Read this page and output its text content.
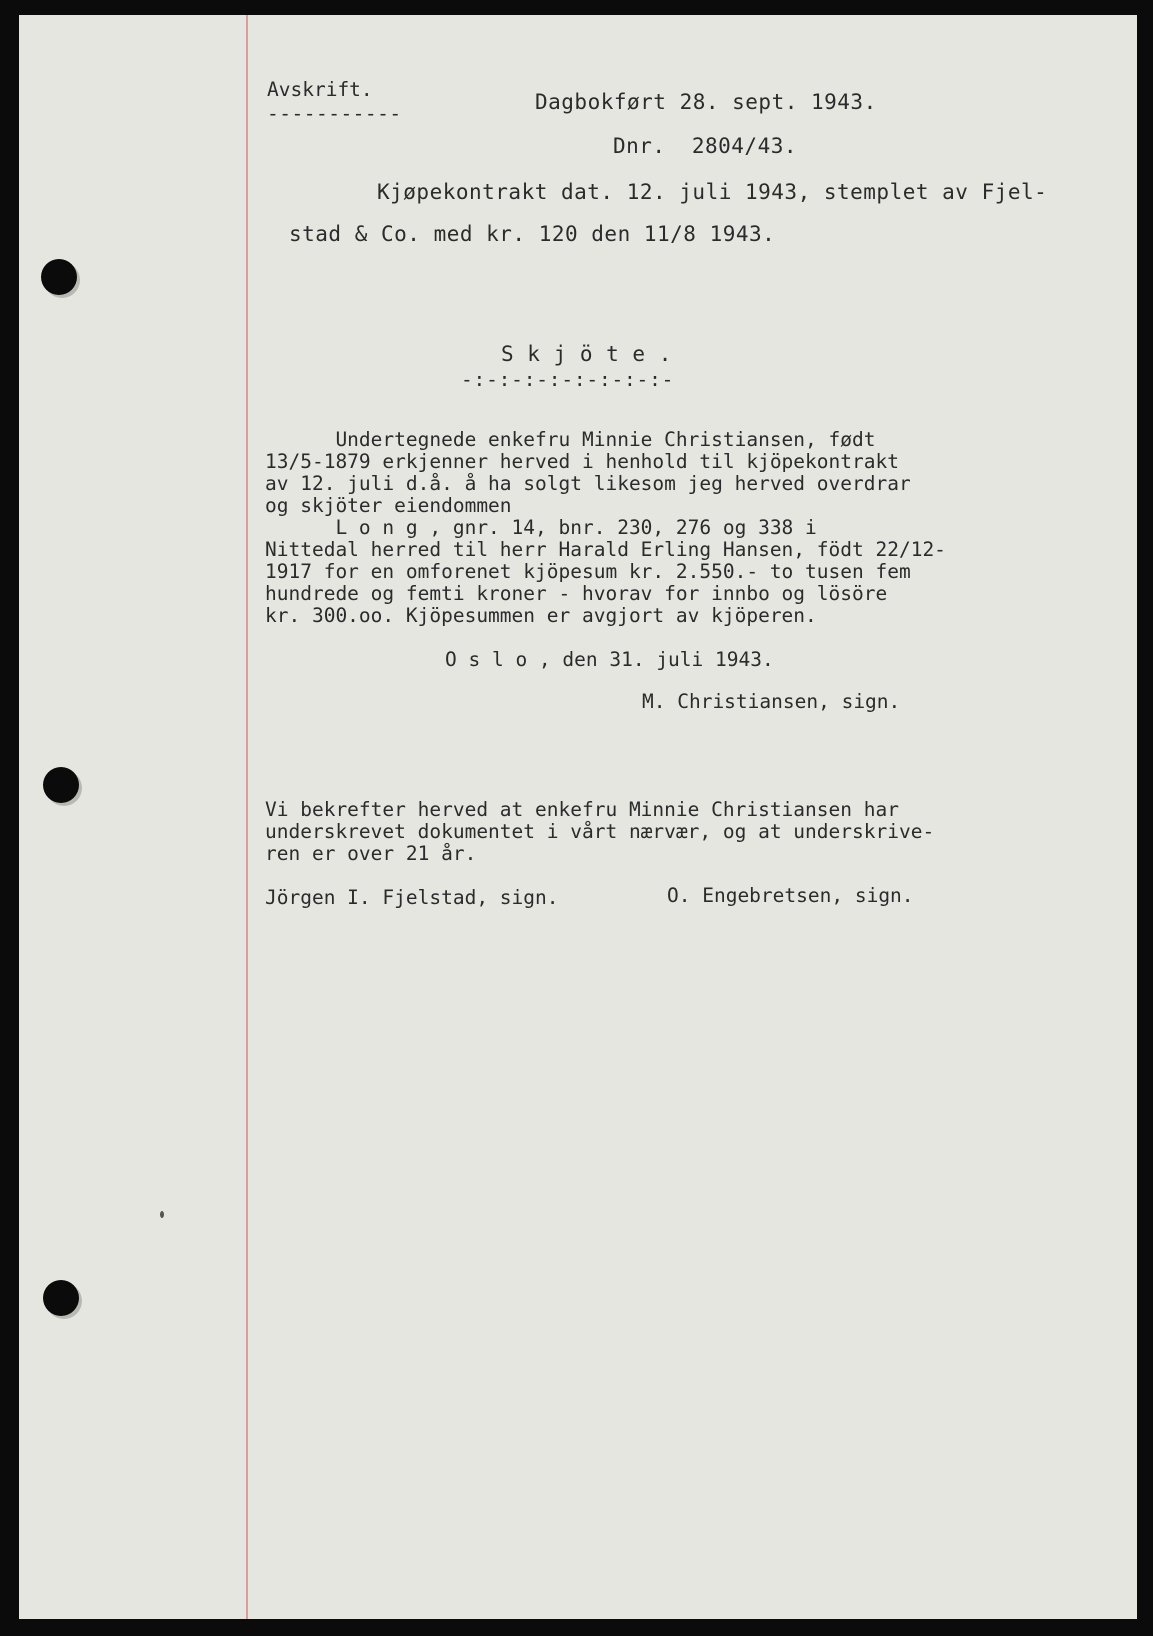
Avskrift.
-----------	Dagbokført 28. sept. 1943.
Dnr.  2804/43.
Kjøpekontrakt dat. 12. juli 1943, stemplet av Fjel-
stad & Co. med kr. 120 den 11/8 1943.
S k j ö t e .
-:-:-:-:-:-:-:-:-
Undertegnede enkefru Minnie Christiansen, født
13/5-1879 erkjenner herved i henhold til kjöpekontrakt
av 12. juli d.å. å ha solgt likesom jeg herved overdrar
og skjöter eiendommen
L o n g , gnr. 14, bnr. 230, 276 og 338 i
Nittedal herred til herr Harald Erling Hansen, födt 22/12-
1917 for en omforenet kjöpesum kr. 2.550.- to tusen fem
hundrede og femti kroner - hvorav for innbo og lösöre
kr. 300.oo. Kjöpesummen er avgjort av kjöperen.
O s l o , den 31. juli 1943.
M. Christiansen, sign.
Vi bekrefter herved at enkefru Minnie Christiansen har
underskrevet dokumentet i vårt nærvær, og at underskrive-
ren er over 21 år.
Jörgen I. Fjelstad, sign.	O. Engebretsen, sign.
